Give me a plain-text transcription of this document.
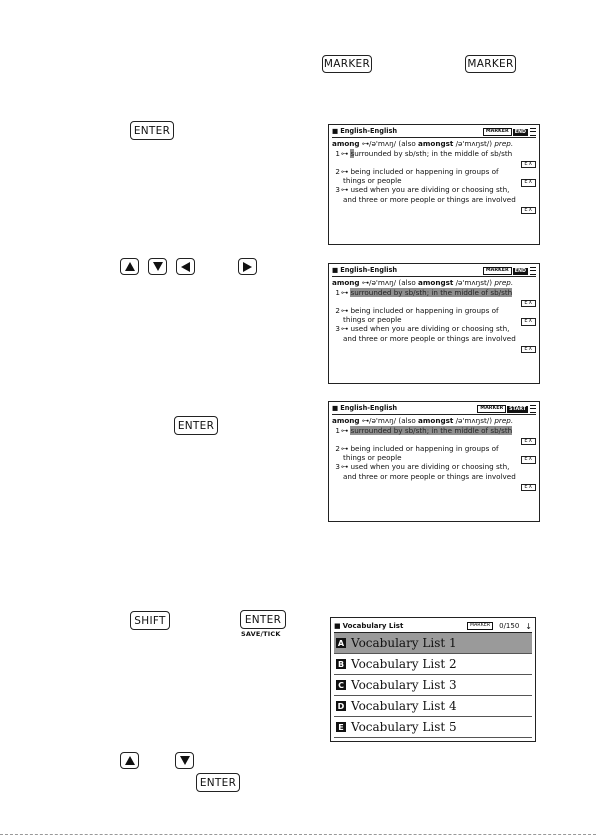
MARKER	MARKER
ENTER
■	English-English	MARKER	END
among ⊶/ə'mʌŋ/ (also amongst /ə'mʌŋst/) prep.
1⊶ surrounded by sb/sth; in the middle of sb/sth
EX
2⊶ being included or happening in groups of
things or people	EX
3⊶ used when you are dividing or choosing sth,
and three or more people or things are involved
EX
■ English-English	MARKER	END
among ⊶/ə'mʌŋ/ (also amongst /ə'mʌŋst/) prep.
1⊶ surrounded by sb/sth; in the middle of sb/sth
EX
2⊶ being included or happening in groups of
things or people	EX
3⊶ used when you are dividing or choosing sth,
and three or more people or things are involved
EX
ENTER
■ English-English	MARKER	START
among ⊶/ə'mʌŋ/ (also amongst /ə'mʌŋst/) prep.
1⊶ surrounded by sb/sth; in the middle of sb/sth
EX
2⊶ being included or happening in groups of
things or people	EX
3⊶ used when you are dividing or choosing sth,
and three or more people or things are involved
EX
SHIFT	ENTER
SAVE/TICK
■ Vocabulary List	MARKER	0/150 ↓
A Vocabulary List 1
B Vocabulary List 2
C Vocabulary List 3
D Vocabulary List 4
E Vocabulary List 5
ENTER
